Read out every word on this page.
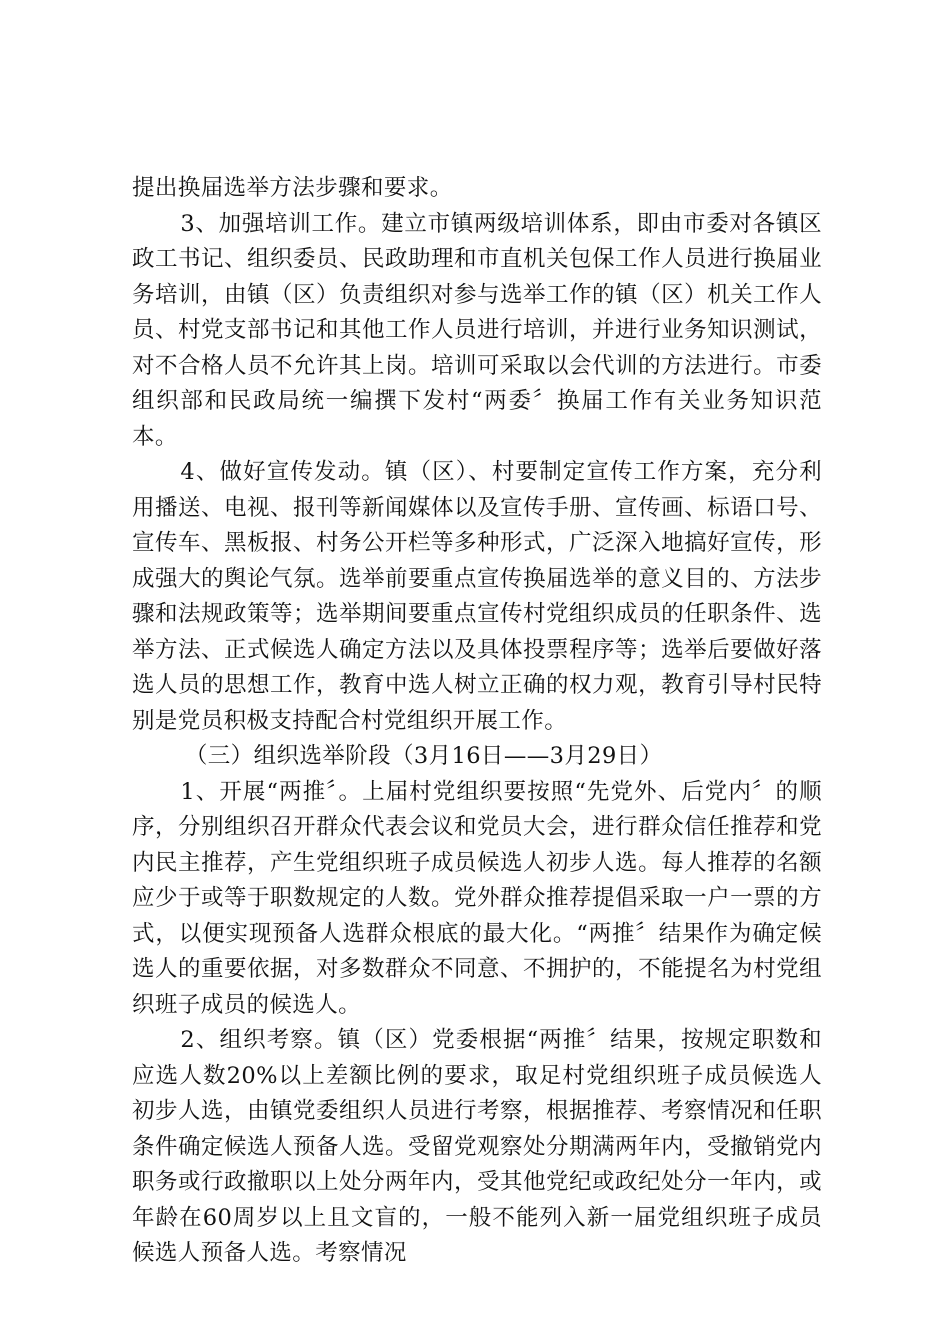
提出换届选举方法步骤和要求。

3、加强培训工作。建立市镇两级培训体系，即由市委对各镇区政工书记、组织委员、民政助理和市直机关包保工作人员进行换届业务培训，由镇（区）负责组织对参与选举工作的镇（区）机关工作人员、村党支部书记和其他工作人员进行培训，并进行业务知识测试，对不合格人员不允许其上岗。培训可采取以会代训的方法进行。市委组织部和民政局统一编撰下发村“两委〞换届工作有关业务知识范本。

4、做好宣传发动。镇（区）、村要制定宣传工作方案，充分利用播送、电视、报刊等新闻媒体以及宣传手册、宣传画、标语口号、宣传车、黑板报、村务公开栏等多种形式，广泛深入地搞好宣传，形成强大的舆论气氛。选举前要重点宣传换届选举的意义目的、方法步骤和法规政策等；选举期间要重点宣传村党组织成员的任职条件、选举方法、正式候选人确定方法以及具体投票程序等；选举后要做好落选人员的思想工作，教育中选人树立正确的权力观，教育引导村民特别是党员积极支持配合村党组织开展工作。

（三）组织选举阶段（3月16日——3月29日）

1、开展“两推〞。上届村党组织要按照“先党外、后党内〞的顺序，分别组织召开群众代表会议和党员大会，进行群众信任推荐和党内民主推荐，产生党组织班子成员候选人初步人选。每人推荐的名额应少于或等于职数规定的人数。党外群众推荐提倡采取一户一票的方式，以便实现预备人选群众根底的最大化。“两推〞结果作为确定候选人的重要依据，对多数群众不同意、不拥护的，不能提名为村党组织班子成员的候选人。

2、组织考察。镇（区）党委根据“两推〞结果，按规定职数和应选人数20%以上差额比例的要求，取足村党组织班子成员候选人初步人选，由镇党委组织人员进行考察，根据推荐、考察情况和任职条件确定候选人预备人选。受留党观察处分期满两年内，受撤销党内职务或行政撤职以上处分两年内，受其他党纪或政纪处分一年内，或年龄在60周岁以上且文盲的，一般不能列入新一届党组织班子成员候选人预备人选。考察情况
